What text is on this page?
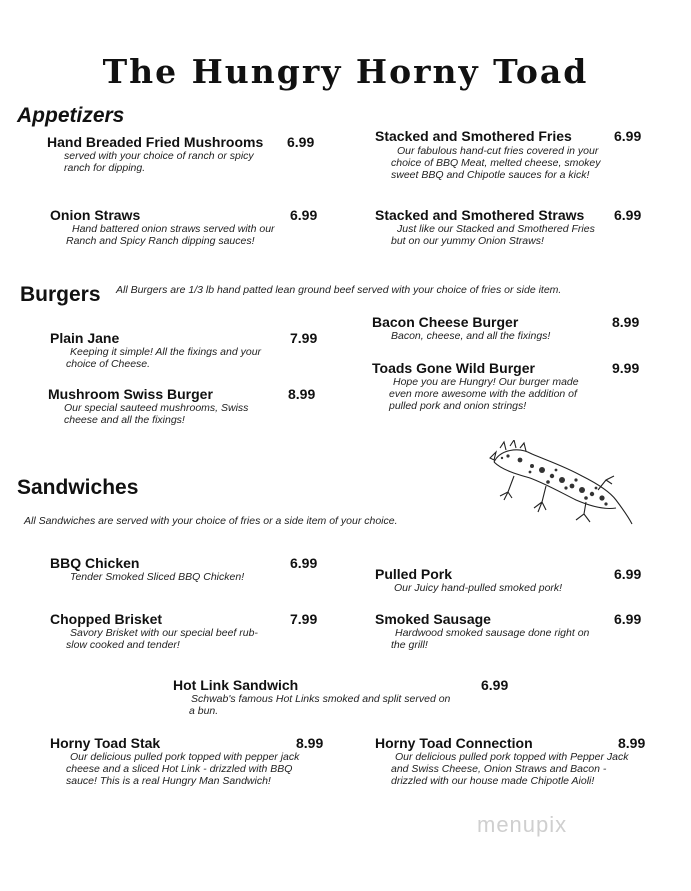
The Hungry Horny Toad
Appetizers
Hand Breaded Fried Mushrooms 6.99
served with your choice of ranch or spicy ranch for dipping.
Stacked and Smothered Fries	6.99
Our fabulous hand-cut fries covered in your choice of BBQ Meat, melted cheese, smokey sweet BBQ and Chipotle sauces for a kick!
Onion Straws	6.99
Hand battered onion straws served with our Ranch and Spicy Ranch dipping sauces!
Stacked and Smothered Straws 6.99
Just like our Stacked and Smothered Fries but on our yummy Onion Straws!
Burgers	All Burgers are 1/3 lb hand patted lean ground beef served with your choice of fries or side item.
Bacon Cheese Burger	8.99
Bacon, cheese, and all the fixings!
Plain Jane	7.99
Keeping it simple! All the fixings and your choice of Cheese.	Toads Gone Wild Burger	9.99
Hope you are Hungry! Our burger made even more awesome with the addition of pulled pork and onion strings!
Mushroom Swiss Burger	8.99
Our special sauteed mushrooms, Swiss cheese and all the fixings!
Sandwiches
All Sandwiches are served with your choice of fries or a side item of your choice.
BBQ Chicken	6.99
Tender Smoked Sliced BBQ Chicken!	Pulled Pork	6.99
Our Juicy hand-pulled smoked pork!
Chopped Brisket	7.99
Savory Brisket with our special beef rub- slow cooked and tender!
Smoked Sausage	6.99
Hardwood smoked sausage done right on the grill!
Hot Link Sandwich	6.99
Schwab's famous Hot Links smoked and split served on a bun.
Horny Toad Stak	8.99
Our delicious pulled pork topped with pepper jack cheese and a sliced Hot Link - drizzled with BBQ sauce! This is a real Hungry Man Sandwich!
Horny Toad Connection	8.99
Our delicious pulled pork topped with Pepper Jack and Swiss Cheese, Onion Straws and Bacon - drizzled with our house made Chipotle Aioli!
menupix
